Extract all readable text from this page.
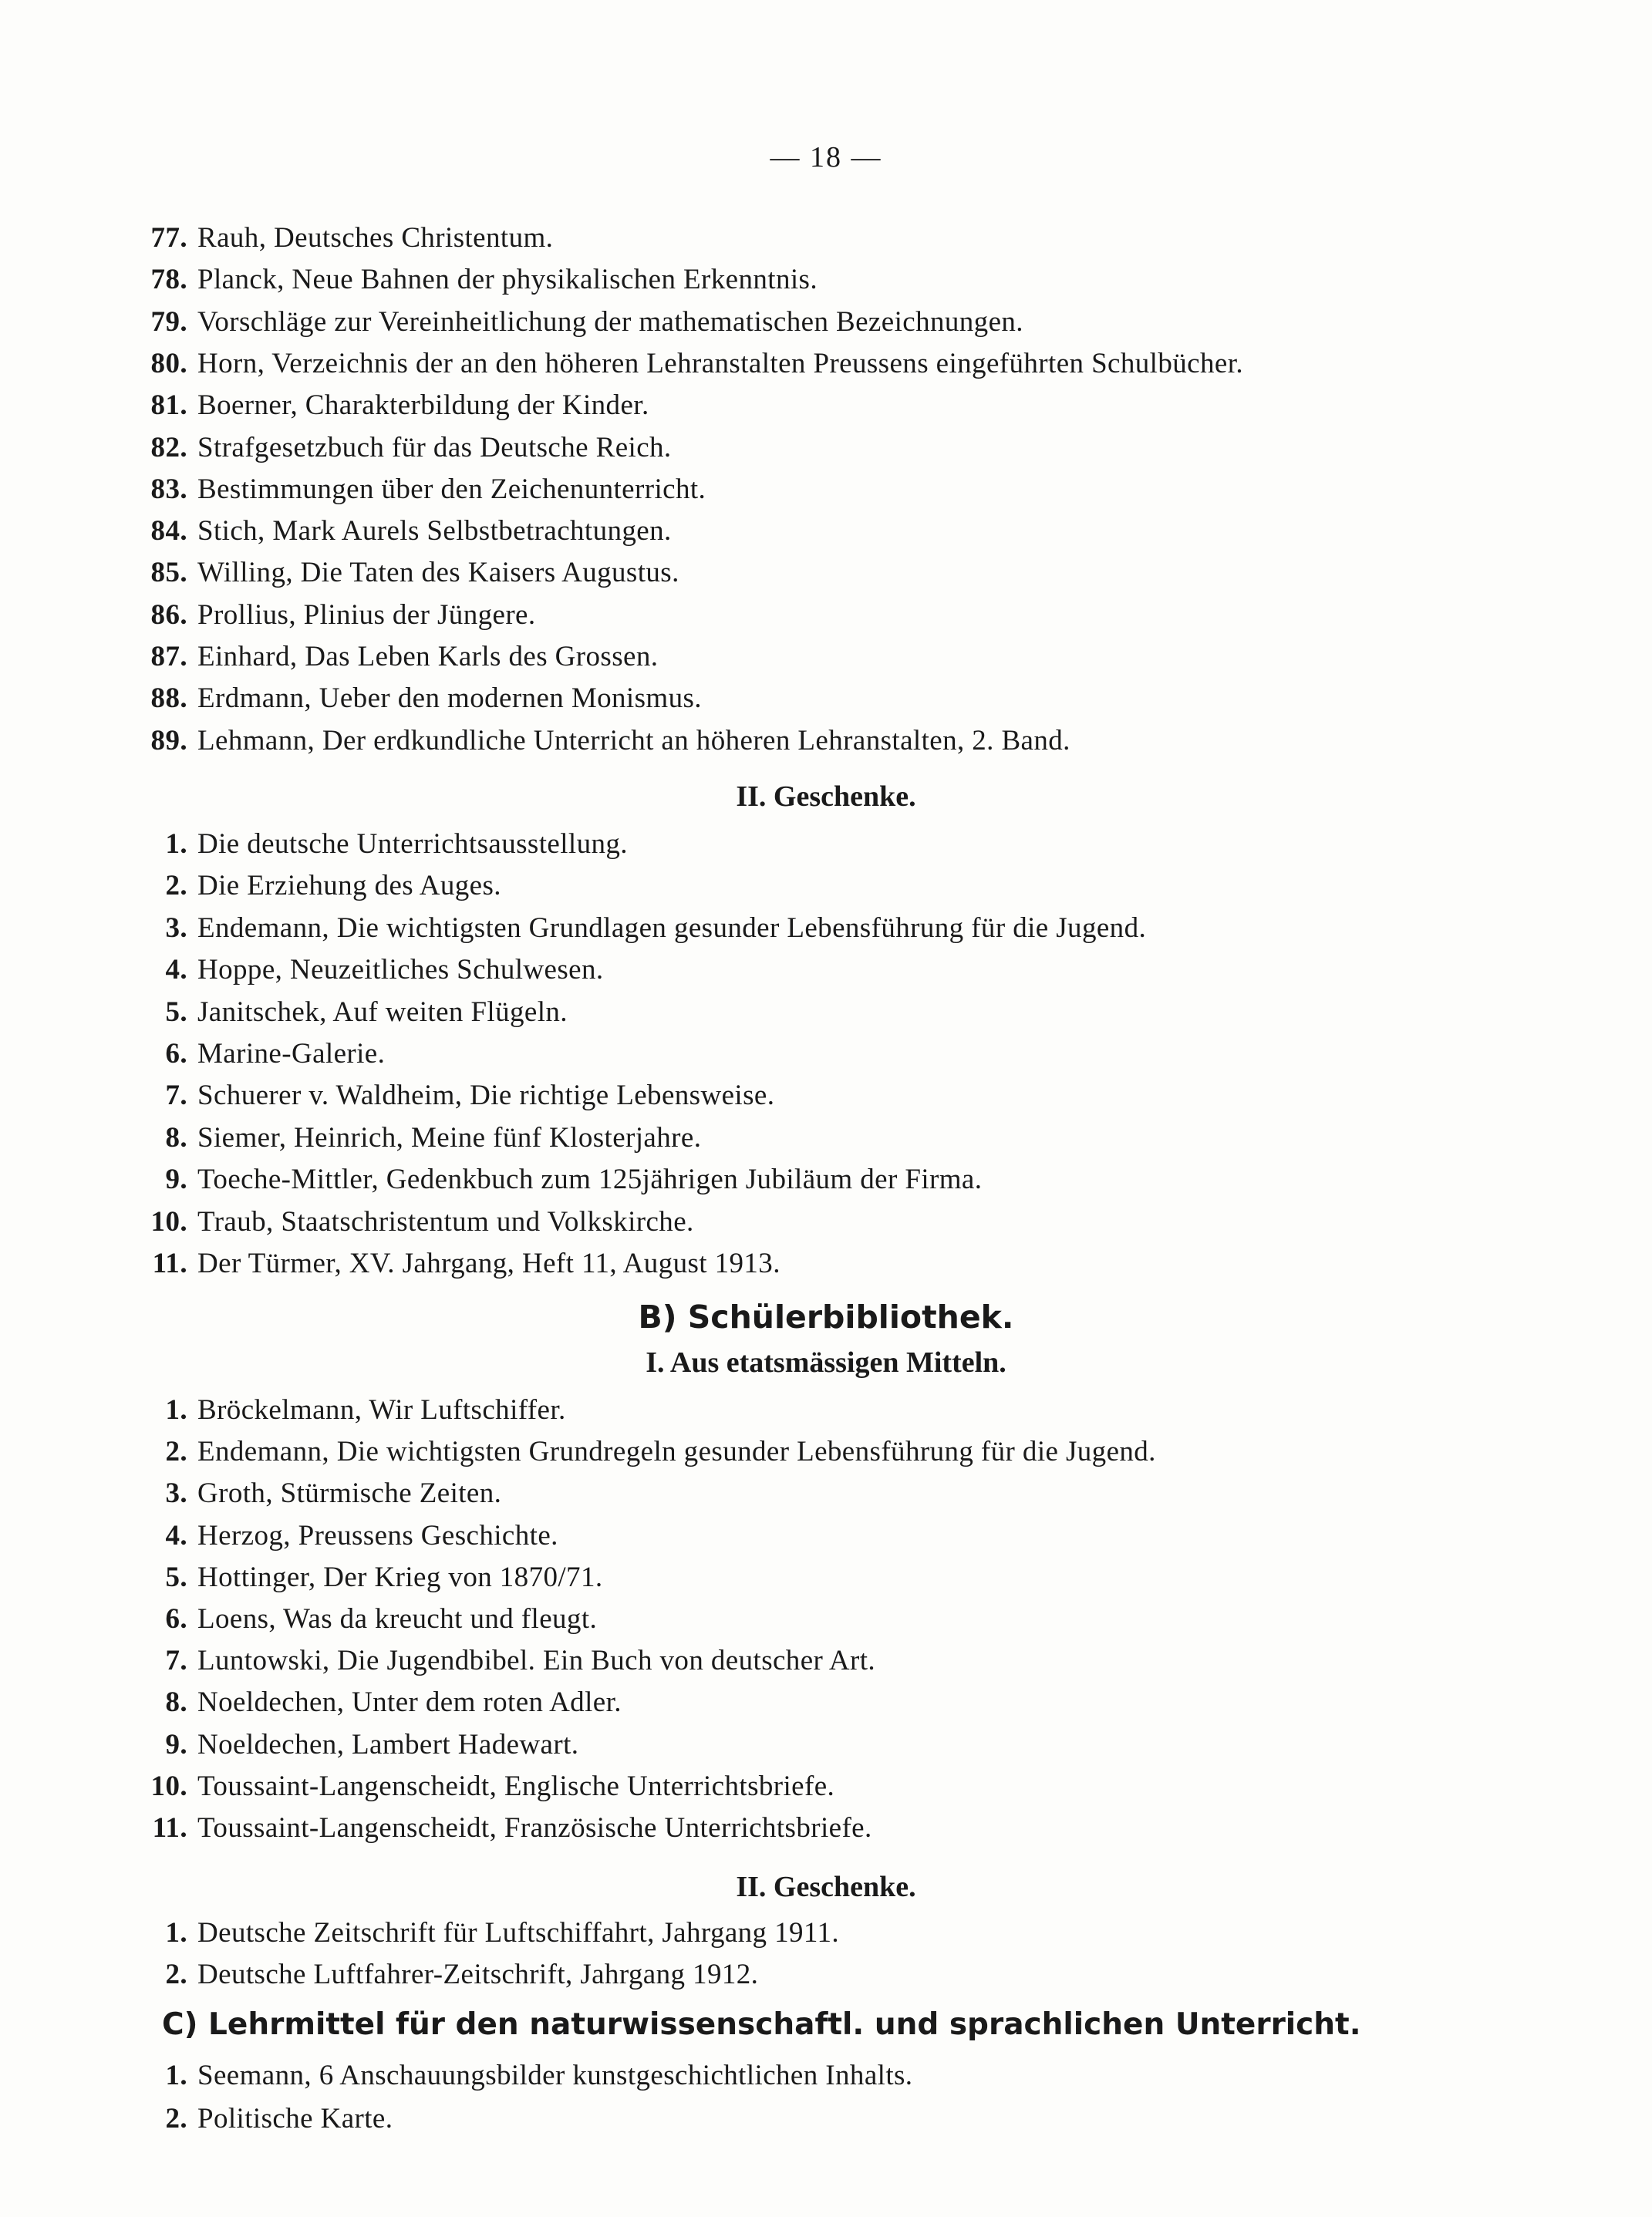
— 18 —
77. Rauh, Deutsches Christentum.
78. Planck, Neue Bahnen der physikalischen Erkenntnis.
79. Vorschläge zur Vereinheitlichung der mathematischen Bezeichnungen.
80. Horn, Verzeichnis der an den höheren Lehranstalten Preussens eingeführten Schulbücher.
81. Boerner, Charakterbildung der Kinder.
82. Strafgesetzbuch für das Deutsche Reich.
83. Bestimmungen über den Zeichenunterricht.
84. Stich, Mark Aurels Selbstbetrachtungen.
85. Willing, Die Taten des Kaisers Augustus.
86. Prollius, Plinius der Jüngere.
87. Einhard, Das Leben Karls des Grossen.
88. Erdmann, Ueber den modernen Monismus.
89. Lehmann, Der erdkundliche Unterricht an höheren Lehranstalten, 2. Band.
II. Geschenke.
1. Die deutsche Unterrichtsausstellung.
2. Die Erziehung des Auges.
3. Endemann, Die wichtigsten Grundlagen gesunder Lebensführung für die Jugend.
4. Hoppe, Neuzeitliches Schulwesen.
5. Janitschek, Auf weiten Flügeln.
6. Marine-Galerie.
7. Schuerer v. Waldheim, Die richtige Lebensweise.
8. Siemer, Heinrich, Meine fünf Klosterjahre.
9. Toeche-Mittler, Gedenkbuch zum 125jährigen Jubiläum der Firma.
10. Traub, Staatschristentum und Volkskirche.
11. Der Türmer, XV. Jahrgang, Heft 11, August 1913.
B) Schülerbibliothek.
I. Aus etatsmässigen Mitteln.
1. Bröckelmann, Wir Luftschiffer.
2. Endemann, Die wichtigsten Grundregeln gesunder Lebensführung für die Jugend.
3. Groth, Stürmische Zeiten.
4. Herzog, Preussens Geschichte.
5. Hottinger, Der Krieg von 1870/71.
6. Loens, Was da kreucht und fleugt.
7. Luntowski, Die Jugendbibel. Ein Buch von deutscher Art.
8. Noeldechen, Unter dem roten Adler.
9. Noeldechen, Lambert Hadewart.
10. Toussaint-Langenscheidt, Englische Unterrichtsbriefe.
11. Toussaint-Langenscheidt, Französische Unterrichtsbriefe.
II. Geschenke.
1. Deutsche Zeitschrift für Luftschiffahrt, Jahrgang 1911.
2. Deutsche Luftfahrer-Zeitschrift, Jahrgang 1912.
C) Lehrmittel für den naturwissenschaftl. und sprachlichen Unterricht.
1. Seemann, 6 Anschauungsbilder kunstgeschichtlichen Inhalts.
2. Politische Karte.
